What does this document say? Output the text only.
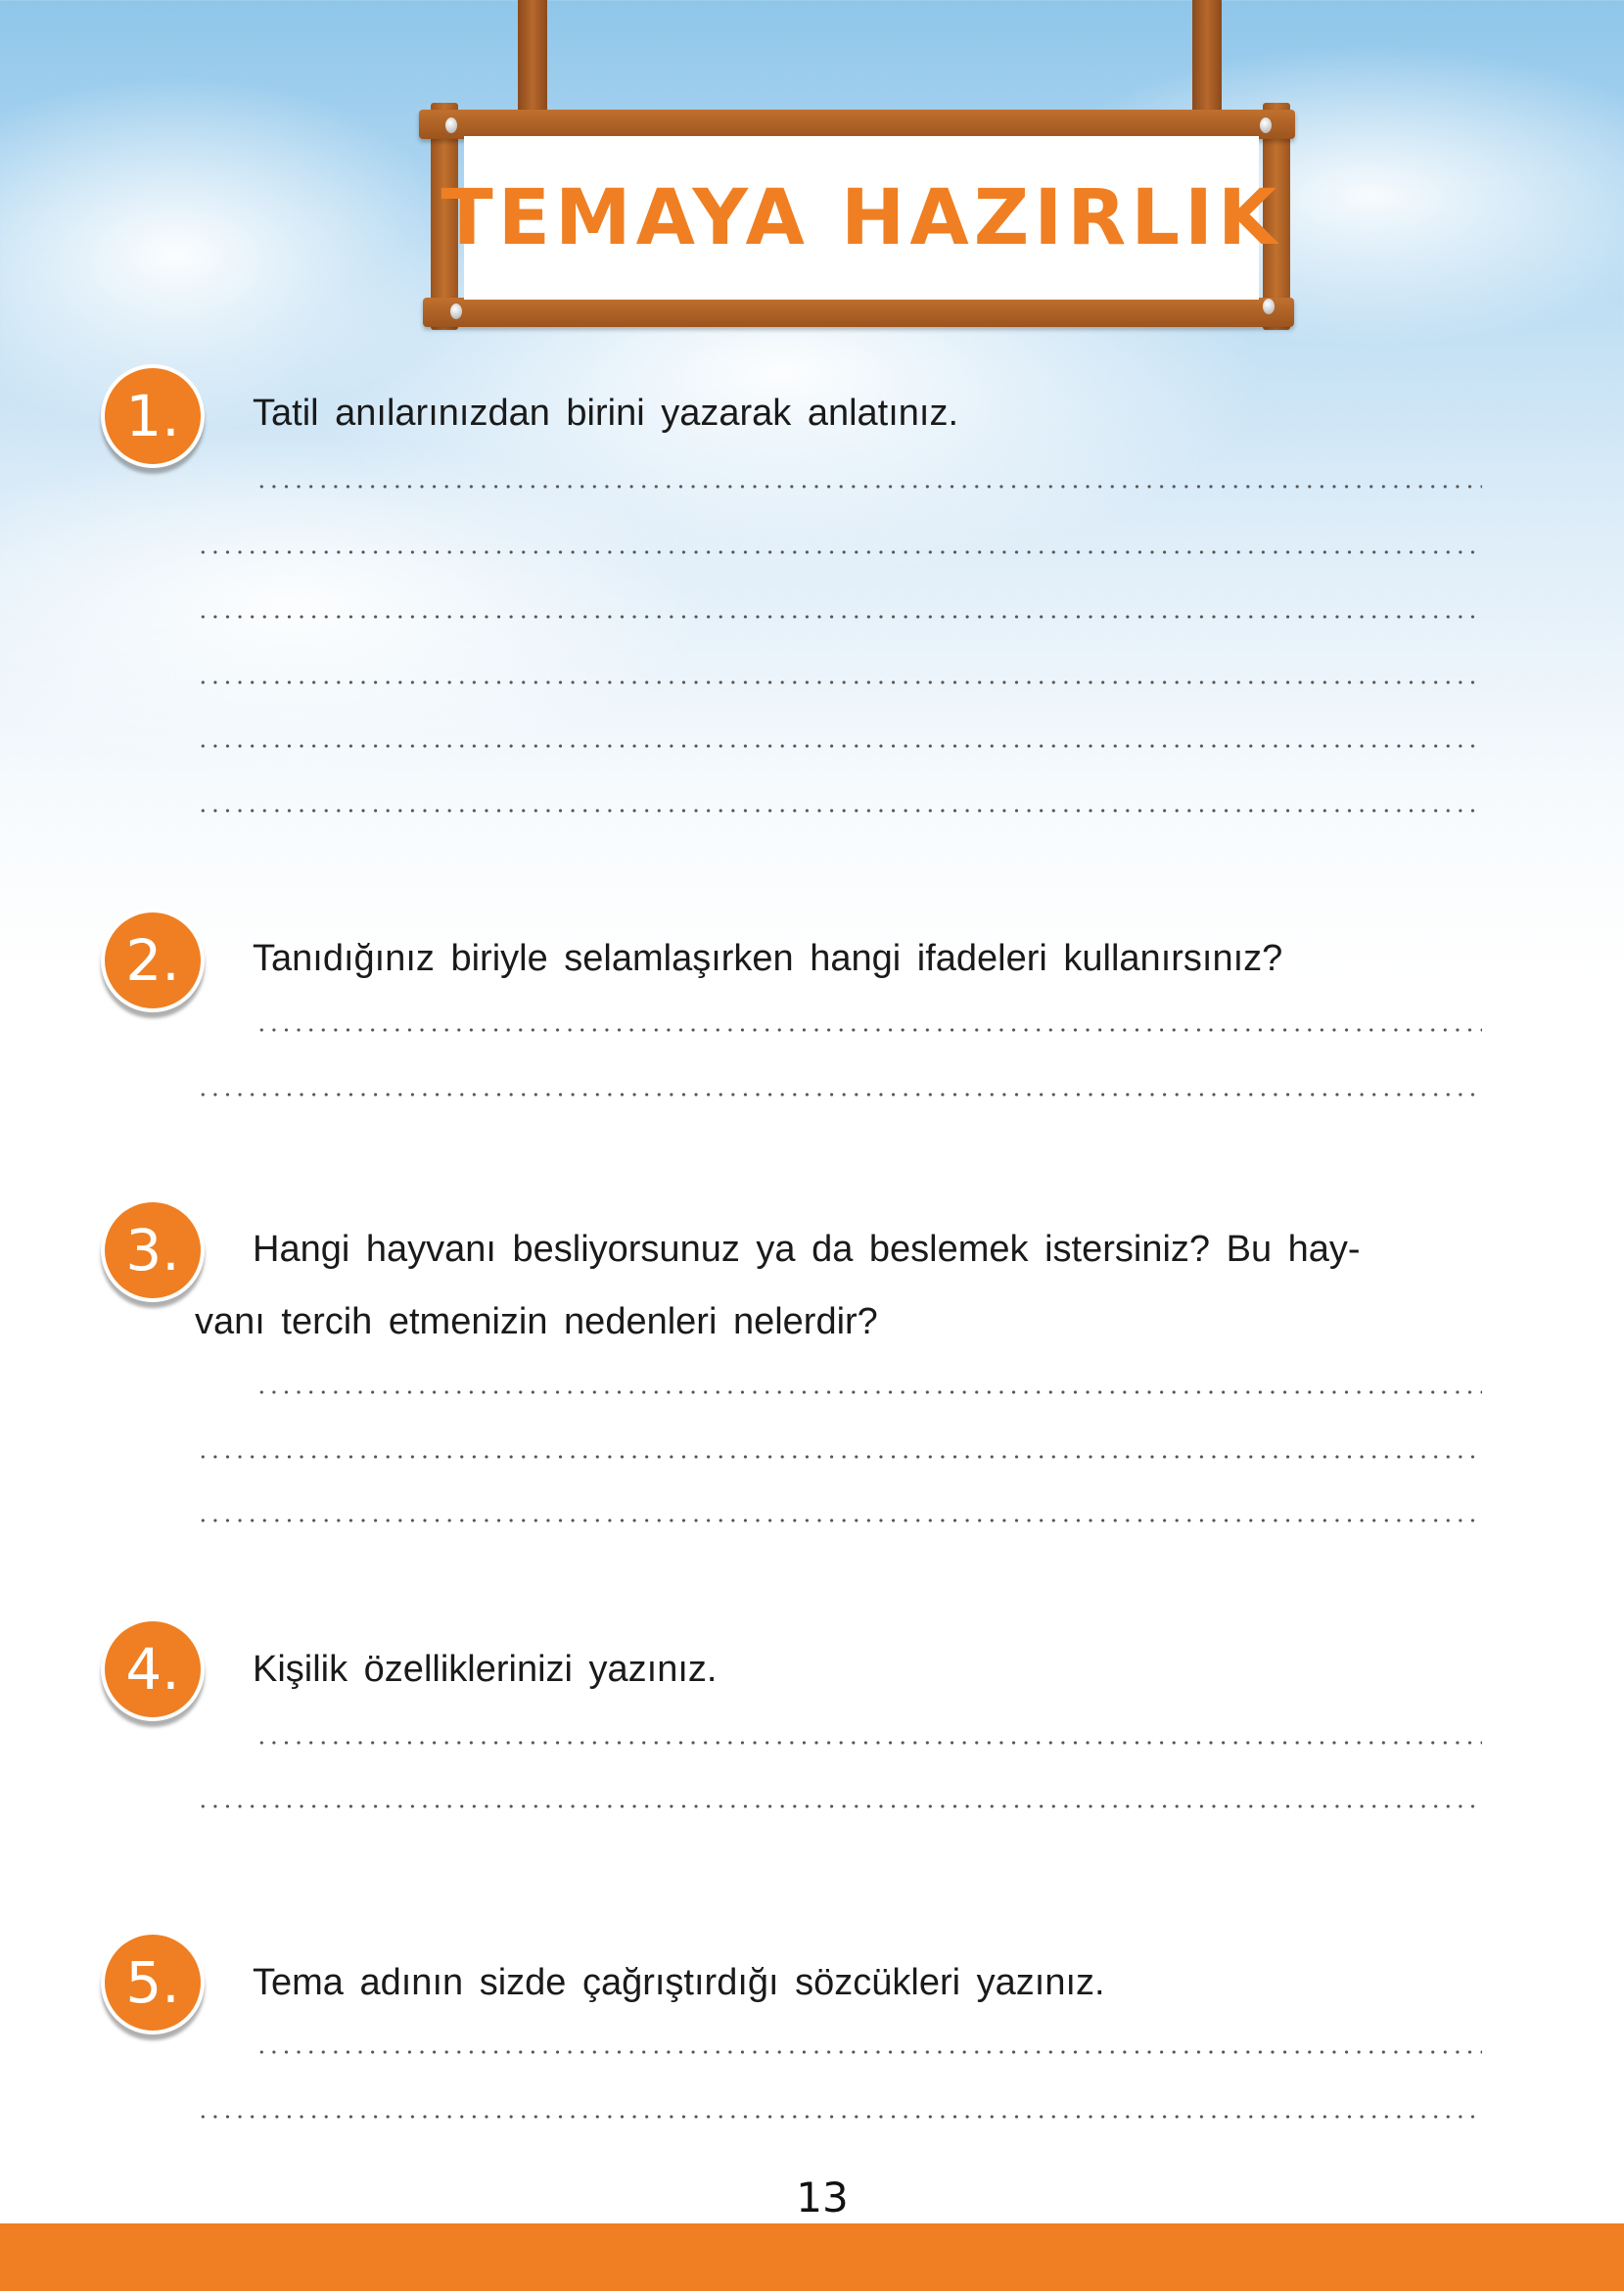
TEMAYA HAZIRLIK
1.	Tatil anılarınızdan birini yazarak anlatınız.
2.	Tanıdığınız biriyle selamlaşırken hangi ifadeleri kullanırsınız?
3.	Hangi hayvanı besliyorsunuz ya da beslemek istersiniz? Bu hay-
vanı tercih etmenizin nedenleri nelerdir?
4.	Kişilik özelliklerinizi yazınız.
5.	Tema adının sizde çağrıştırdığı sözcükleri yazınız.
13
